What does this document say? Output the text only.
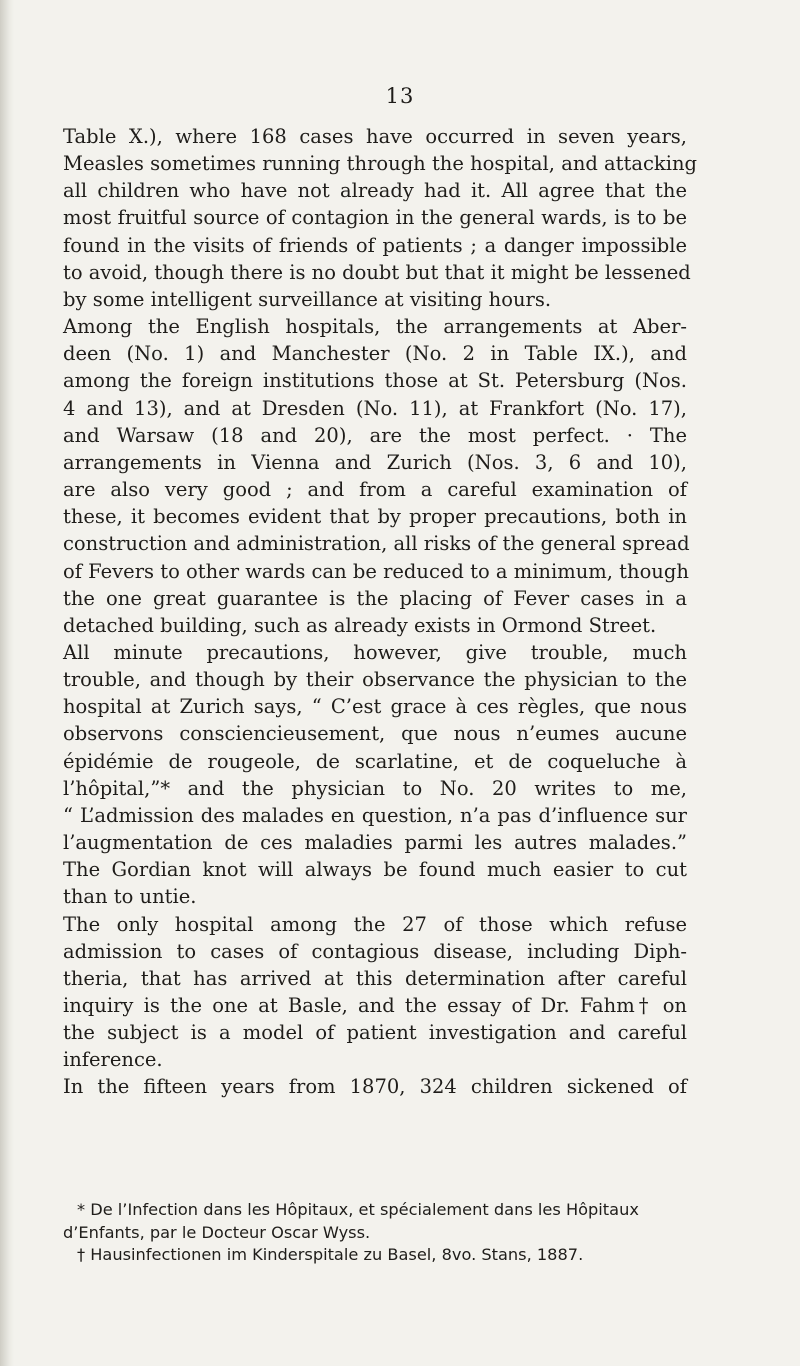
13
Table X.), where 168 cases have occurred in seven years,
Measles sometimes running through the hospital, and attacking
all children who have not already had it. All agree that the
most fruitful source of contagion in the general wards, is to be
found in the visits of friends of patients ; a danger impossible
to avoid, though there is no doubt but that it might be lessened
by some intelligent surveillance at visiting hours.
Among the English hospitals, the arrangements at Aber-
deen (No. 1) and Manchester (No. 2 in Table IX.), and
among the foreign institutions those at St. Petersburg (Nos.
4 and 13), and at Dresden (No. 11), at Frankfort (No. 17),
and Warsaw (18 and 20), are the most perfect. · The
arrangements in Vienna and Zurich (Nos. 3, 6 and 10),
are also very good ; and from a careful examination of
these, it becomes evident that by proper precautions, both in
construction and administration, all risks of the general spread
of Fevers to other wards can be reduced to a minimum, though
the one great guarantee is the placing of Fever cases in a
detached building, such as already exists in Ormond Street.
All minute precautions, however, give trouble, much
trouble, and though by their observance the physician to the
hospital at Zurich says, “ C’est grace à ces règles, que nous
observons consciencieusement, que nous n’eumes aucune
épidémie de rougeole, de scarlatine, et de coqueluche à
l’hôpital,”* and the physician to No. 20 writes to me,
“ L’admission des malades en question, n’a pas d’influence sur
l’augmentation de ces maladies parmi les autres malades.”
The Gordian knot will always be found much easier to cut
than to untie.
The only hospital among the 27 of those which refuse
admission to cases of contagious disease, including Diph-
theria, that has arrived at this determination after careful
inquiry is the one at Basle, and the essay of Dr. Fahm† on
the subject is a model of patient investigation and careful
inference.
In the fifteen years from 1870, 324 children sickened of
* De l’Infection dans les Hôpitaux, et spécialement dans les Hôpitaux
d’Enfants, par le Docteur Oscar Wyss.
† Hausinfectionen im Kinderspitale zu Basel, 8vo. Stans, 1887.
